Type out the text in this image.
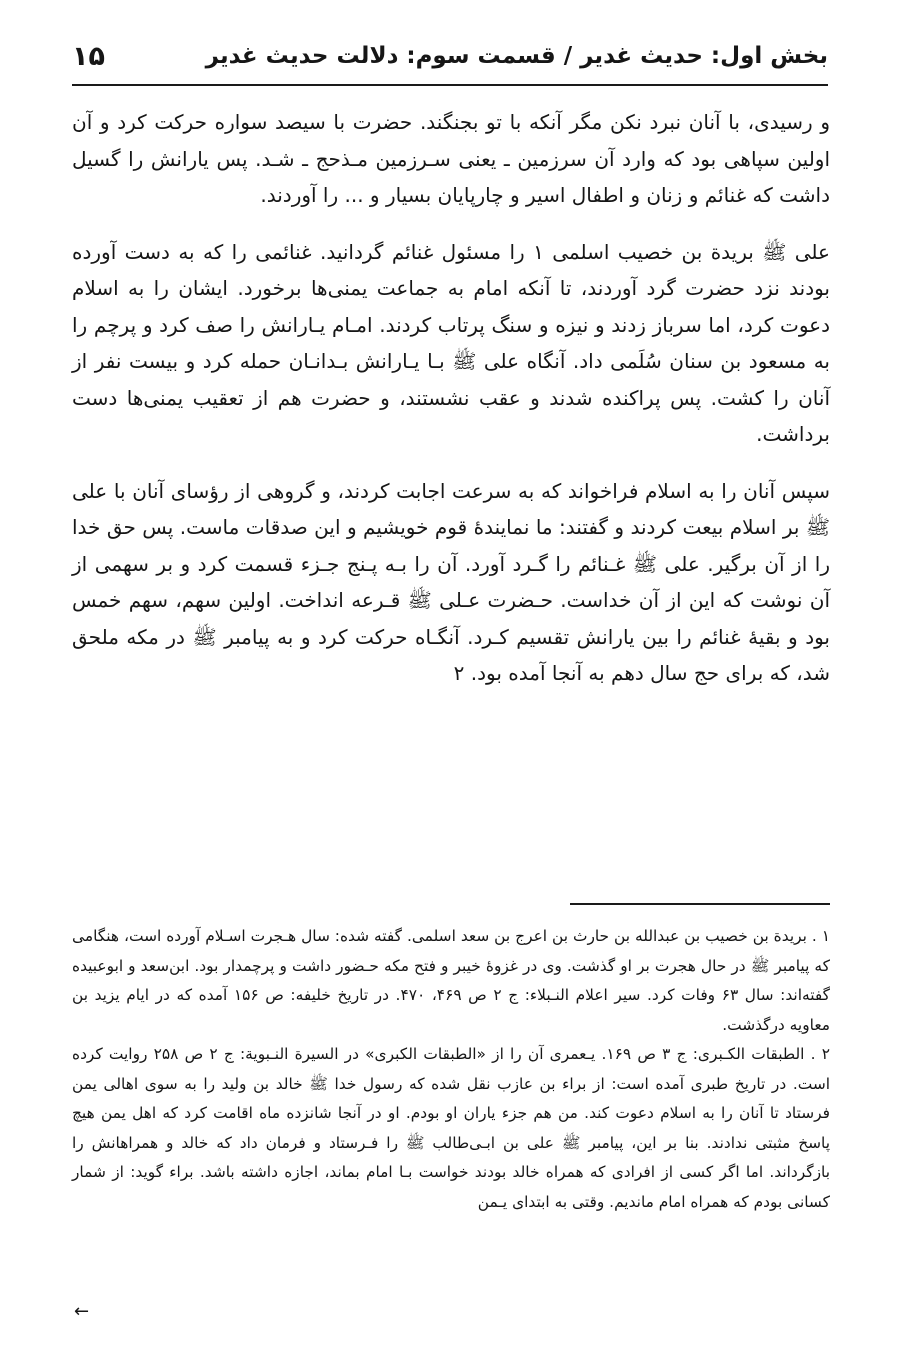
بخش اول: حدیث غدیر / قسمت سوم: دلالت حدیث غدیر
۱۵

و رسیدی، با آنان نبرد نکن مگر آنکه با تو بجنگند. حضرت با سیصد سواره حرکت کرد و آن اولین سپاهی بود که وارد آن سرزمین ـ یعنی سـرزمین مـذحج ـ شـد. پس یارانش را گسیل داشت که غنائم و زنان و اطفال اسیر و چارپایان بسیار و ... را آوردند.

علی ﷺ بریدة بن خصیب اسلمی ۱ را مسئول غنائم گردانید. غنائمی را که به دست آورده بودند نزد حضرت گرد آوردند، تا آنکه امام به جماعت یمنی‌ها برخورد. ایشان را به اسلام دعوت کرد، اما سرباز زدند و نیزه و سنگ پرتاب کردند. امـام یـارانش را صف کرد و پرچم را به مسعود بن سنان سُلَمی داد. آنگاه علی ﷺ بـا یـارانش بـدانـان حمله کرد و بیست نفر از آنان را کشت. پس پراکنده شدند و عقب نشستند، و حضرت هم از تعقیب یمنی‌ها دست برداشت.

سپس آنان را به اسلام فراخواند که به سرعت اجابت کردند، و گروهی از رؤسای آنان با علی ﷺ بر اسلام بیعت کردند و گفتند: ما نمایندۀ قوم خویشیم و این صدقات ماست. پس حق خدا را از آن برگیر. علی ﷺ غـنائم را گـرد آورد. آن را بـه پـنج جـزء قسمت کرد و بر سهمی از آن نوشت که این از آن خداست. حـضرت عـلی ﷺ قـرعه انداخت. اولین سهم، سهم خمس بود و بقیۀ غنائم را بین یارانش تقسیم کـرد. آنگـاه حرکت کرد و به پیامبر ﷺ در مکه ملحق شد، که برای حج سال دهم به آنجا آمده بود. ۲

۱ . بریدة بن خصیب بن عبدالله بن حارث بن اعرج بن سعد اسلمی. گفته شده: سال هـجرت اسـلام آورده است، هنگامی که پیامبر ﷺ در حال هجرت بر او گذشت. وی در غزوۀ خیبر و فتح مکه حـضور داشت و پرچمدار بود. ابن‌سعد و ابوعبیده گفته‌اند: سال ۶۳ وفات کرد. سیر اعلام النـبلاء: ج ۲ ص ۴۶۹، ۴۷۰. در تاریخ خلیفه: ص ۱۵۶ آمده که در ایام یزید بن معاویه درگذشت.

۲ . الطبقات الکـبری: ج ۳ ص ۱۶۹. یـعمری آن را از «الطبقات الکبری» در السیرة النـبویة: ج ۲ ص ۲۵۸ روایت کرده است. در تاریخ طبری آمده است: از براء بن عازب نقل شده که رسول خدا ﷺ خالد بن ولید را به سوی اهالی یمن فرستاد تا آنان را به اسلام دعوت کند. من هم جزء یاران او بودم. او در آنجا شانزده ماه اقامت کرد که اهل یمن هیچ پاسخ مثبتی ندادند. بنا بر این، پیامبر ﷺ علی بن ابـی‌طالب ﷺ را فـرستاد و فرمان داد که خالد و همراهانش را بازگرداند. اما اگر کسی از افرادی که همراه خالد بودند خواست بـا امام بماند، اجازه داشته باشد. براء گوید: از شمار کسانی بودم که همراه امام ماندیم. وقتی به ابتدای یـمن

←
